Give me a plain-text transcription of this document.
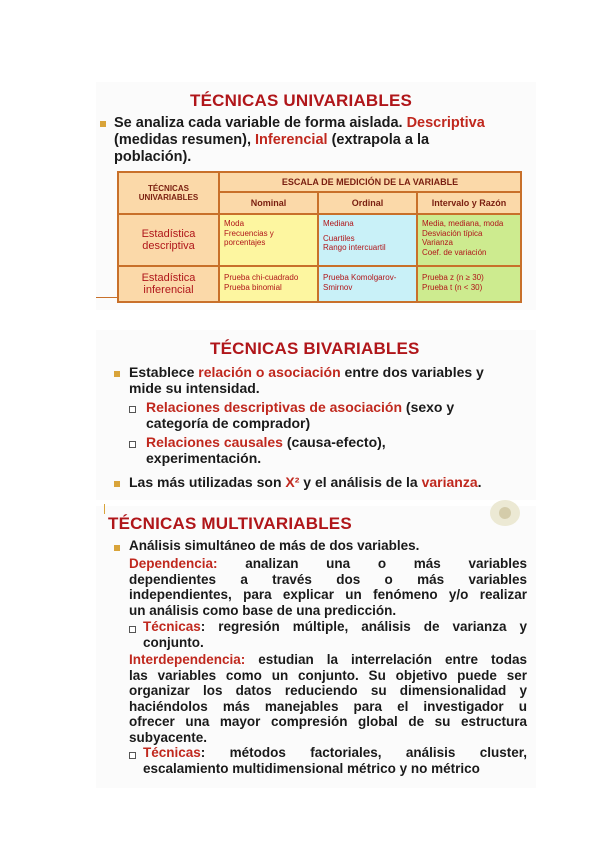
TÉCNICAS UNIVARIABLES
Se analiza cada variable de forma aislada. Descriptiva
(medidas resumen), Inferencial (extrapola a la
población).
TÉCNICAS
UNIVARIABLES
ESCALA DE MEDICIÓN DE LA VARIABLE
Nominal	Ordinal	Intervalo y Razón
Estadística descriptiva
Moda
Frecuencias y
porcentajes
Mediana
Cuartiles
Rango intercuartil
Media, mediana, moda
Desviación típica
Varianza
Coef. de variación
Estadística inferencial
Prueba chi-cuadrado
Prueba binomial
Prueba Komolgarov-
Smirnov
Prueba z (n ≥ 30)
Prueba t (n < 30)
TÉCNICAS BIVARIABLES
Establece relación o asociación entre dos variables y
mide su intensidad.
Relaciones descriptivas de asociación (sexo y
categoría de comprador)
Relaciones causales (causa-efecto),
experimentación.
Las más utilizadas son X² y el análisis de la varianza.
TÉCNICAS MULTIVARIABLES
Análisis simultáneo de más de dos variables.
Dependencia: analizan una o más variables
dependientes a través dos o más variables
independientes, para explicar un fenómeno y/o realizar
un análisis como base de una predicción.
Técnicas: regresión múltiple, análisis de varianza y
conjunto.
Interdependencia: estudian la interrelación entre todas
las variables como un conjunto. Su objetivo puede ser
organizar los datos reduciendo su dimensionalidad y
haciéndolos más manejables para el investigador u
ofrecer una mayor compresión global de su estructura
subyacente.
Técnicas: métodos factoriales, análisis cluster,
escalamiento multidimensional métrico y no métrico
